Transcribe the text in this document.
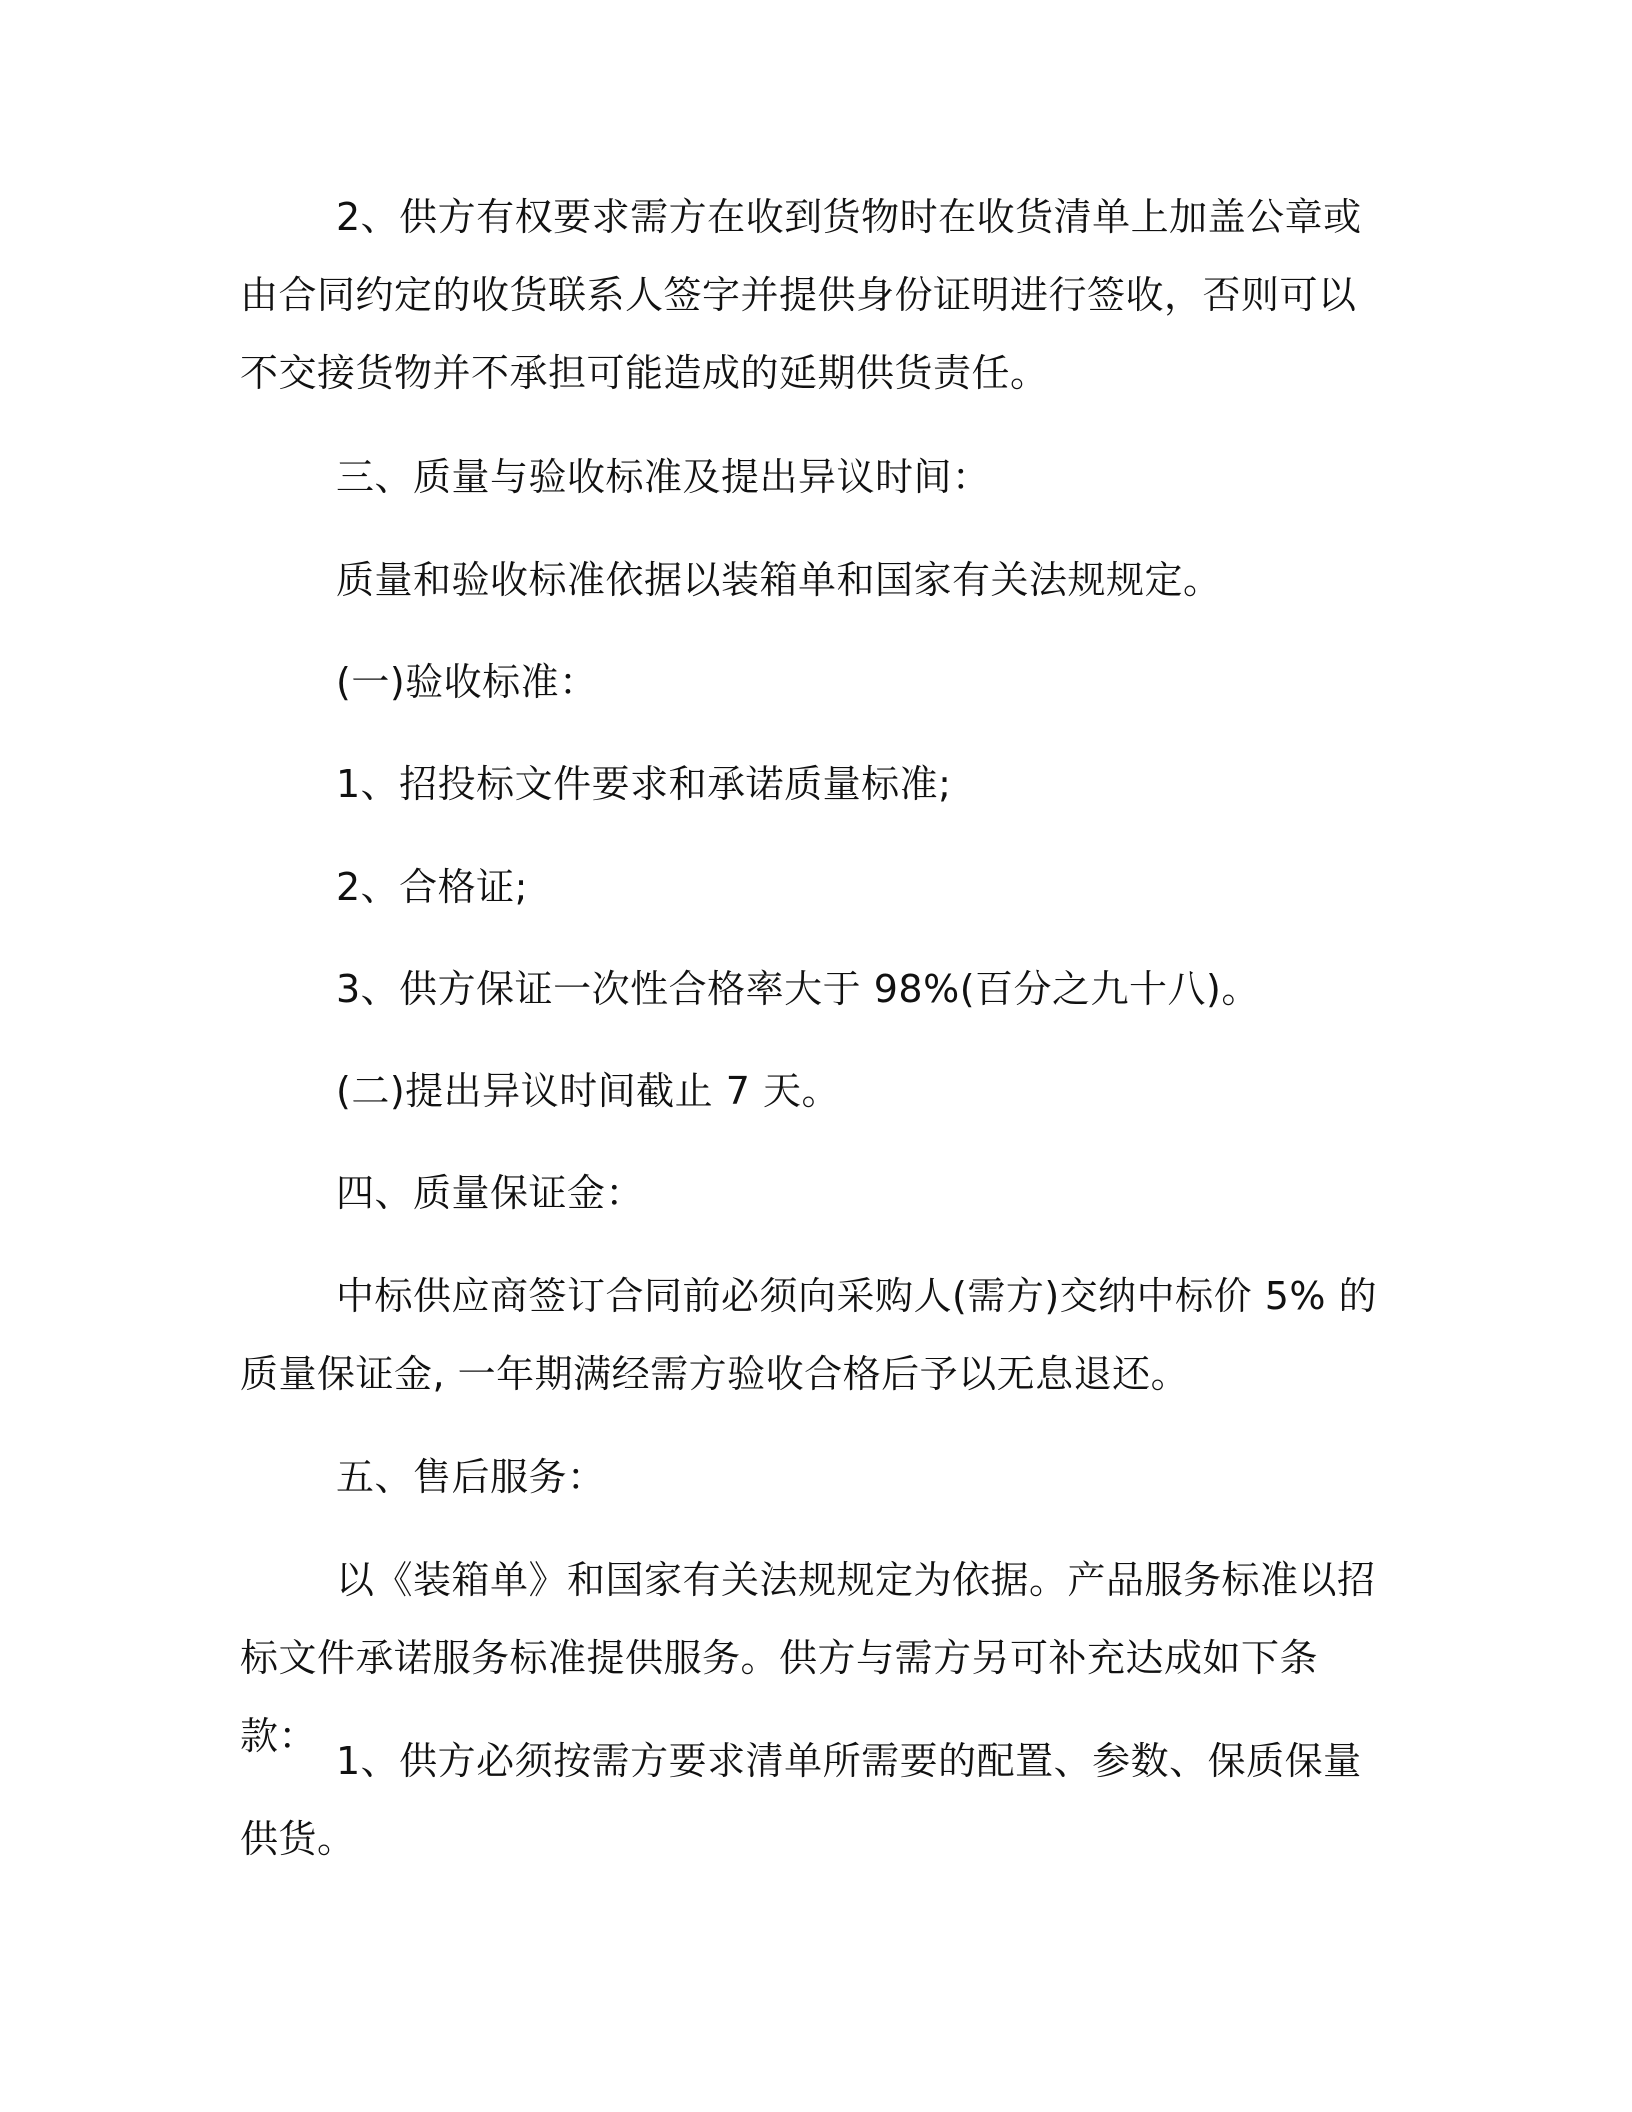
2、供方有权要求需方在收到货物时在收货清单上加盖公章或由合同约定的收货联系人签字并提供身份证明进行签收，否则可以不交接货物并不承担可能造成的延期供货责任。

三、质量与验收标准及提出异议时间：

质量和验收标准依据以装箱单和国家有关法规规定。

(一)验收标准：

1、招投标文件要求和承诺质量标准;

2、合格证;

3、供方保证一次性合格率大于 98%(百分之九十八)。

(二)提出异议时间截止 7 天。

四、质量保证金：

中标供应商签订合同前必须向采购人(需方)交纳中标价 5% 的质量保证金, 一年期满经需方验收合格后予以无息退还。

五、售后服务：

以《装箱单》和国家有关法规规定为依据。产品服务标准以招标文件承诺服务标准提供服务。供方与需方另可补充达成如下条款：

1、供方必须按需方要求清单所需要的配置、参数、保质保量供货。
